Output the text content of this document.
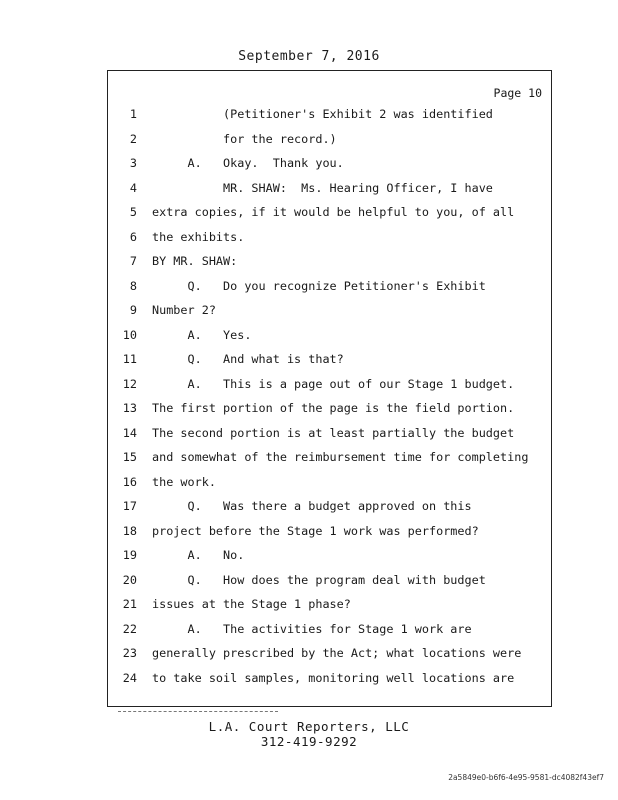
September 7, 2016
Page 10
1 (Petitioner's Exhibit 2 was identified
2 for the record.)
3 A.   Okay.  Thank you.
4 MR. SHAW:  Ms. Hearing Officer, I have
5 extra copies, if it would be helpful to you, of all
6 the exhibits.
7 BY MR. SHAW:
8 Q.   Do you recognize Petitioner's Exhibit
9 Number 2?
10 A.   Yes.
11 Q.   And what is that?
12 A.   This is a page out of our Stage 1 budget.
13 The first portion of the page is the field portion.
14 The second portion is at least partially the budget
15 and somewhat of the reimbursement time for completing
16 the work.
17 Q.   Was there a budget approved on this
18 project before the Stage 1 work was performed?
19 A.   No.
20 Q.   How does the program deal with budget
21 issues at the Stage 1 phase?
22 A.   The activities for Stage 1 work are
23 generally prescribed by the Act; what locations were
24 to take soil samples, monitoring well locations are
L.A. Court Reporters, LLC
312-419-9292
2a5849e0-b6f6-4e95-9581-dc4082f43ef7
